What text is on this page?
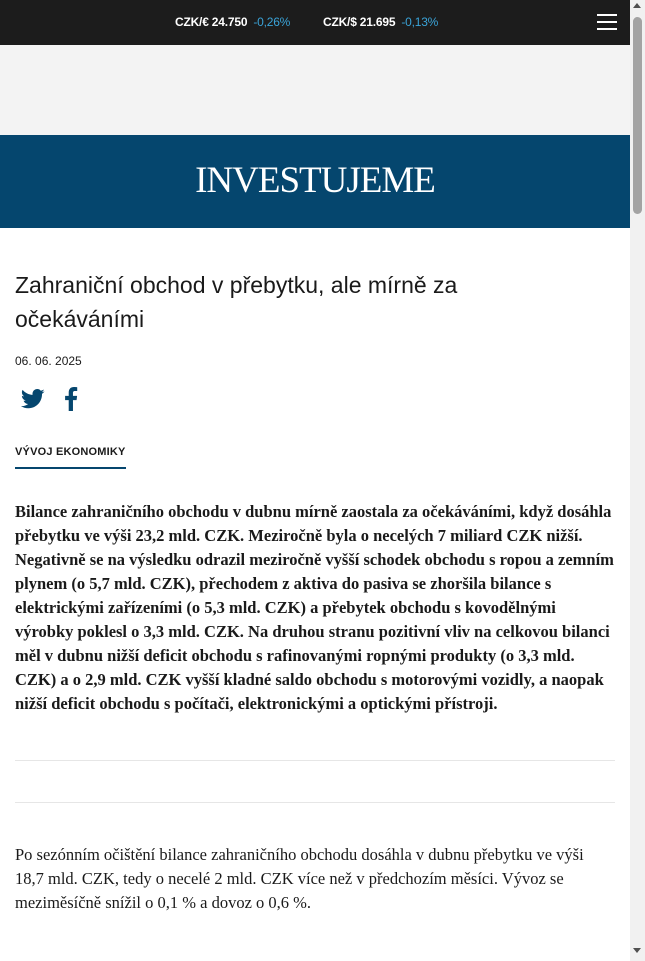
CZK/€ 24.750 -0,26%	CZK/$ 21.695 -0,13%
INVESTUJEME
Zahraniční obchod v přebytku, ale mírně za očekáváními
06. 06. 2025
VÝVOJ EKONOMIKY

Bilance zahraničního obchodu v dubnu mírně zaostala za očekáváními, když dosáhla přebytku ve výši 23,2 mld. CZK. Meziročně byla o necelých 7 miliard CZK nižší. Negativně se na výsledku odrazil meziročně vyšší schodek obchodu s ropou a zemním plynem (o 5,7 mld. CZK), přechodem z aktiva do pasiva se zhoršila bilance s elektrickými zařízeními (o 5,3 mld. CZK) a přebytek obchodu s kovodělnými výrobky poklesl o 3,3 mld. CZK. Na druhou stranu pozitivní vliv na celkovou bilanci měl v dubnu nižší deficit obchodu s rafinovanými ropnými produkty (o 3,3 mld. CZK) a o 2,9 mld. CZK vyšší kladné saldo obchodu s motorovými vozidly, a naopak nižší deficit obchodu s počítači, elektronickými a optickými přístroji.

Po sezónním očištění bilance zahraničního obchodu dosáhla v dubnu přebytku ve výši 18,7 mld. CZK, tedy o necelé 2 mld. CZK více než v předchozím měsíci. Vývoz se meziměsíčně snížil o 0,1 % a dovoz o 0,6 %.
